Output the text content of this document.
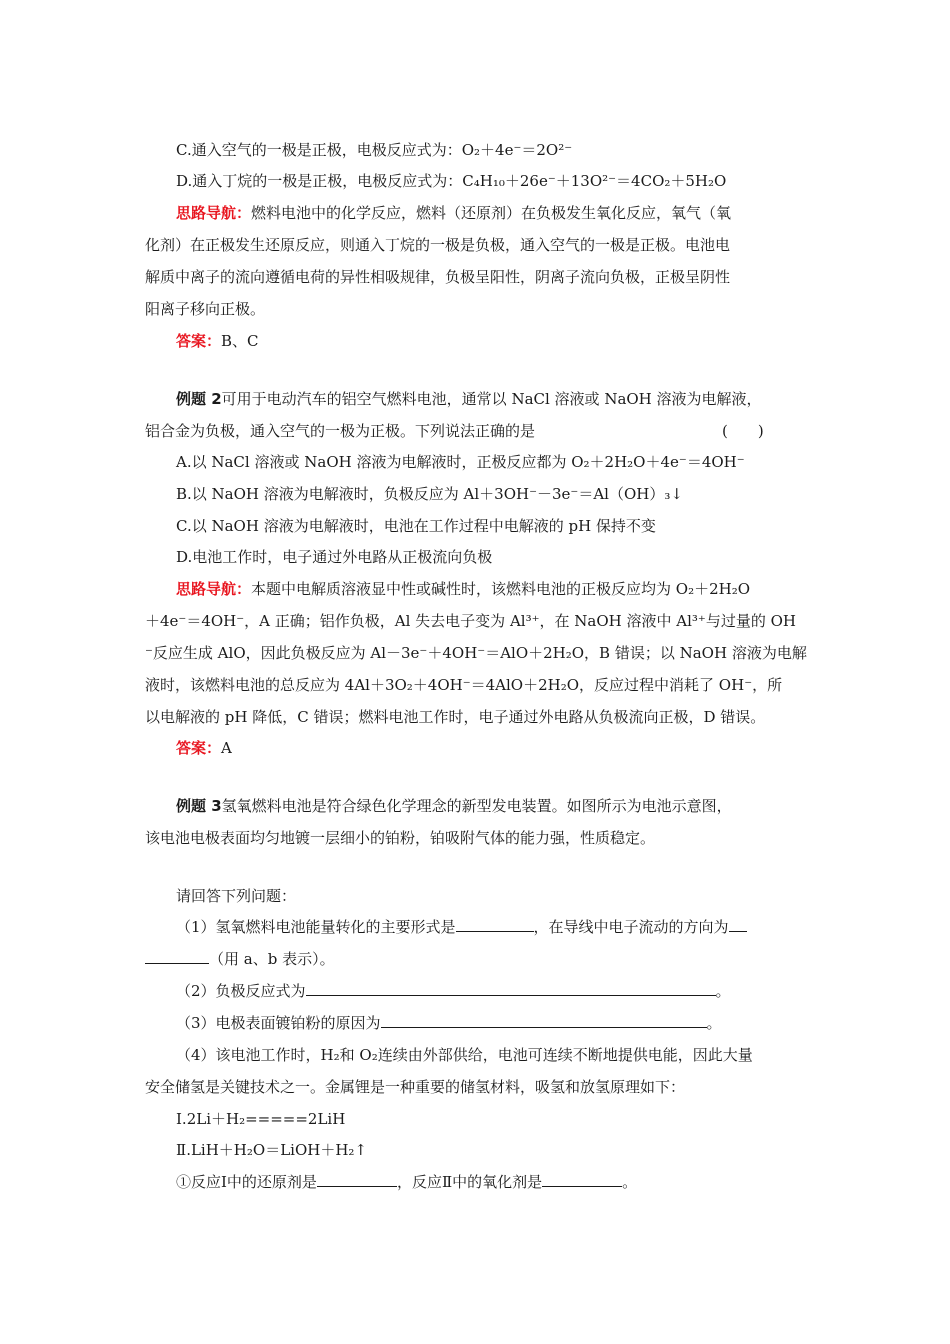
C.通入空气的一极是正极，电极反应式为：O₂＋4e⁻＝2O²⁻
D.通入丁烷的一极是正极，电极反应式为：C₄H₁₀＋26e⁻＋13O²⁻＝4CO₂＋5H₂O
思路导航：燃料电池中的化学反应，燃料（还原剂）在负极发生氧化反应，氧气（氧
化剂）在正极发生还原反应，则通入丁烷的一极是负极，通入空气的一极是正极。电池电
解质中离子的流向遵循电荷的异性相吸规律，负极呈阳性，阴离子流向负极，正极呈阴性
阳离子移向正极。
答案：B、C
例题 2可用于电动汽车的铝空气燃料电池，通常以 NaCl 溶液或 NaOH 溶液为电解液，
铝合金为负极，通入空气的一极为正极。下列说法正确的是	(　　)
A.以 NaCl 溶液或 NaOH 溶液为电解液时，正极反应都为 O₂＋2H₂O＋4e⁻＝4OH⁻
B.以 NaOH 溶液为电解液时，负极反应为 Al＋3OH⁻－3e⁻＝Al（OH）₃↓
C.以 NaOH 溶液为电解液时，电池在工作过程中电解液的 pH 保持不变
D.电池工作时，电子通过外电路从正极流向负极
思路导航：本题中电解质溶液显中性或碱性时，该燃料电池的正极反应均为 O₂＋2H₂O
＋4e⁻＝4OH⁻，A 正确；铝作负极，Al 失去电子变为 Al³⁺，在 NaOH 溶液中 Al³⁺与过量的 OH
⁻反应生成 AlO，因此负极反应为 Al－3e⁻＋4OH⁻＝AlO＋2H₂O，B 错误；以 NaOH 溶液为电解
液时，该燃料电池的总反应为 4Al＋3O₂＋4OH⁻＝4AlO＋2H₂O，反应过程中消耗了 OH⁻，所
以电解液的 pH 降低，C 错误；燃料电池工作时，电子通过外电路从负极流向正极，D 错误。
答案：A
例题 3氢氧燃料电池是符合绿色化学理念的新型发电装置。如图所示为电池示意图，
该电池电极表面均匀地镀一层细小的铂粉，铂吸附气体的能力强，性质稳定。
请回答下列问题：
（1）氢氧燃料电池能量转化的主要形式是	，在导线中电子流动的方向为
（用 a、b 表示）。
（2）负极反应式为	。
（3）电极表面镀铂粉的原因为	。
（4）该电池工作时，H₂和 O₂连续由外部供给，电池可连续不断地提供电能，因此大量
安全储氢是关键技术之一。金属锂是一种重要的储氢材料，吸氢和放氢原理如下：
Ⅰ.2Li＋H₂=====2LiH
Ⅱ.LiH＋H₂O＝LiOH＋H₂↑
①反应Ⅰ中的还原剂是	，反应Ⅱ中的氧化剂是	。
